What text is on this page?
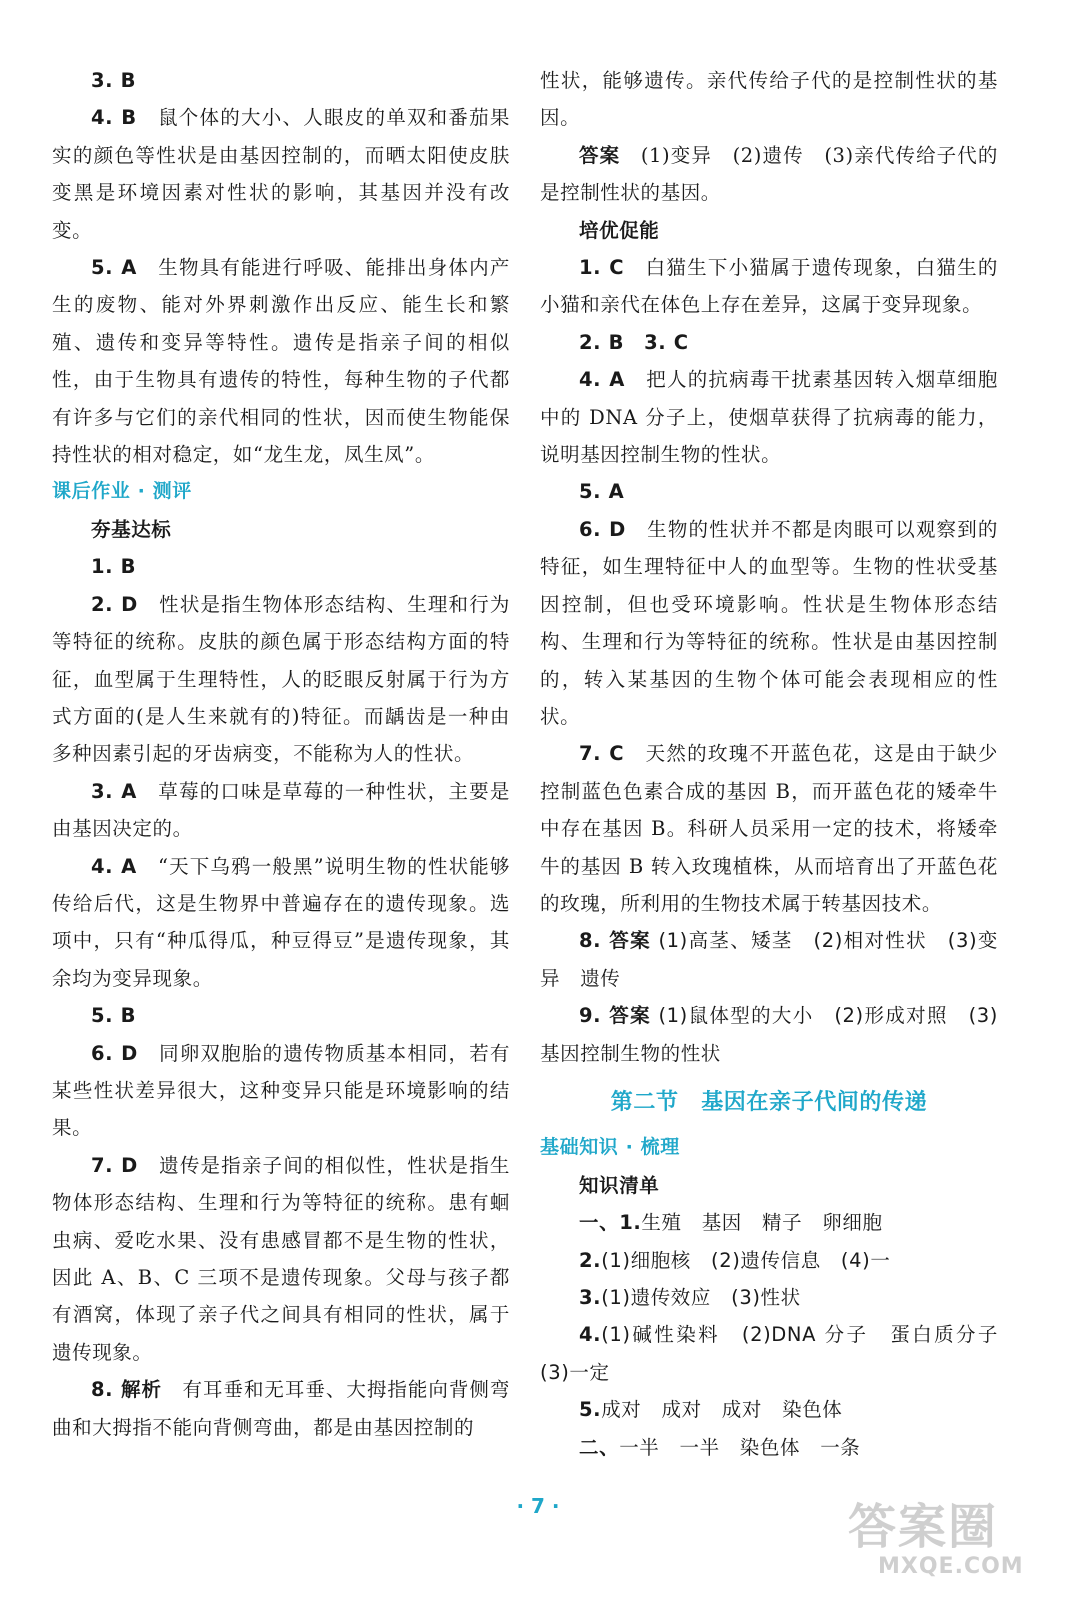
3. B

4. B　 鼠个体的大小、人眼皮的单双和番茄果实的颜色等性状是由基因控制的，而晒太阳使皮肤变黑是环境因素对性状的影响，其基因并没有改变。

5. A　 生物具有能进行呼吸、能排出身体内产生的废物、能对外界刺激作出反应、能生长和繁殖、遗传和变异等特性。遗传是指亲子间的相似性，由于生物具有遗传的特性，每种生物的子代都有许多与它们的亲代相同的性状，因而使生物能保持性状的相对稳定，如“龙生龙，凤生凤”。

课后作业 · 测评

夯基达标

1. B

2. D　 性状是指生物体形态结构、生理和行为等特征的统称。皮肤的颜色属于形态结构方面的特征，血型属于生理特性，人的眨眼反射属于行为方式方面的(是人生来就有的)特征。而龋齿是一种由多种因素引起的牙齿病变，不能称为人的性状。

3. A　 草莓的口味是草莓的一种性状，主要是由基因决定的。

4. A　 “天下乌鸦一般黑”说明生物的性状能够传给后代，这是生物界中普遍存在的遗传现象。选项中，只有“种瓜得瓜，种豆得豆”是遗传现象，其余均为变异现象。

5. B

6. D　 同卵双胞胎的遗传物质基本相同，若有某些性状差异很大，这种变异只能是环境影响的结果。

7. D　 遗传是指亲子间的相似性，性状是指生物体形态结构、生理和行为等特征的统称。患有蛔虫病、爱吃水果、没有患感冒都不是生物的性状，因此 A、B、C 三项不是遗传现象。父母与孩子都有酒窝，体现了亲子代之间具有相同的性状，属于遗传现象。

8. 解析　 有耳垂和无耳垂、大拇指能向背侧弯曲和大拇指不能向背侧弯曲，都是由基因控制的

性状，能够遗传。亲代传给子代的是控制性状的基因。

答案　 (1)变异　(2)遗传　(3)亲代传给子代的是控制性状的基因。

培优促能

1. C　 白猫生下小猫属于遗传现象，白猫生的小猫和亲代在体色上存在差异，这属于变异现象。

2. B　3. C

4. A　 把人的抗病毒干扰素基因转入烟草细胞中的 DNA 分子上，使烟草获得了抗病毒的能力，说明基因控制生物的性状。

5. A

6. D　 生物的性状并不都是肉眼可以观察到的特征，如生理特征中人的血型等。生物的性状受基因控制，但也受环境影响。性状是生物体形态结构、生理和行为等特征的统称。性状是由基因控制的，转入某基因的生物个体可能会表现相应的性状。

7. C　 天然的玫瑰不开蓝色花，这是由于缺少控制蓝色色素合成的基因 B，而开蓝色花的矮牵牛中存在基因 B。科研人员采用一定的技术，将矮牵牛的基因 B 转入玫瑰植株，从而培育出了开蓝色花的玫瑰，所利用的生物技术属于转基因技术。

8. 答案 (1)高茎、矮茎　(2)相对性状　(3)变异　遗传

9. 答案 (1)鼠体型的大小　(2)形成对照　(3)基因控制生物的性状

第二节　基因在亲子代间的传递

基础知识 · 梳理

知识清单

一、1.生殖　基因　精子　卵细胞

2.(1)细胞核　(2)遗传信息　(4)一

3.(1)遗传效应　(3)性状

4.(1)碱性染料　(2)DNA 分子　蛋白质分子　(3)一定

5.成对　成对　成对　染色体

二、一半　一半　染色体　一条

· 7 ·	答案圈
MXQE.COM
